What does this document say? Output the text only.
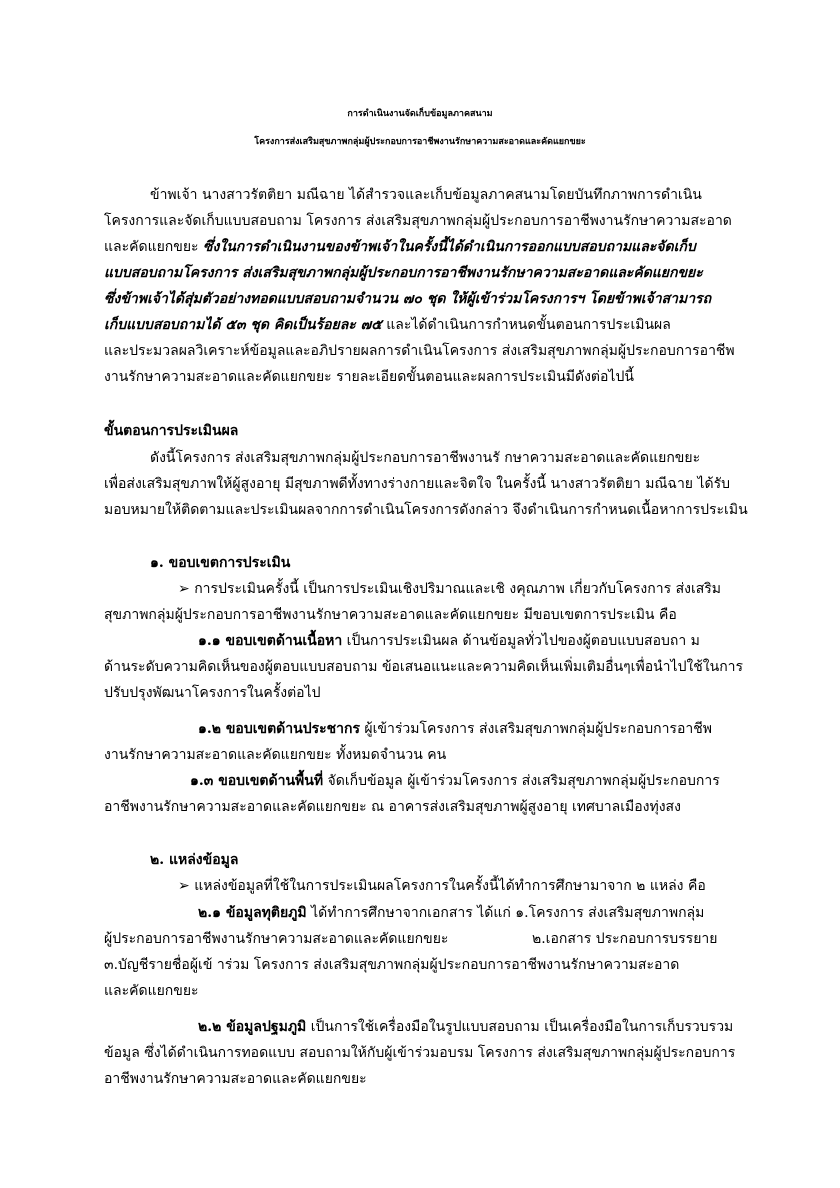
การดำเนินงานจัดเก็บข้อมูลภาคสนาม
โครงการส่งเสริมสุขภาพกลุ่มผู้ประกอบการอาชีพงานรักษาความสะอาดและคัดแยกขยะ
ข้าพเจ้า นางสาวรัตติยา มณีฉาย ได้สำรวจและเก็บข้อมูลภาคสนามโดยบันทึกภาพการดำเนิน
โครงการและจัดเก็บแบบสอบถาม โครงการ ส่งเสริมสุขภาพกลุ่มผู้ประกอบการอาชีพงานรักษาความสะอาด
และคัดแยกขยะ ซึ่งในการดำเนินงานของข้าพเจ้าในครั้งนี้ได้ดำเนินการออกแบบสอบถามและจัดเก็บ
แบบสอบถามโครงการ ส่งเสริมสุขภาพกลุ่มผู้ประกอบการอาชีพงานรักษาความสะอาดและคัดแยกขยะ
ซึ่งข้าพเจ้าได้สุ่มตัวอย่างทอดแบบสอบถามจำนวน ๗๐ ชุด ให้ผู้เข้าร่วมโครงการฯ โดยข้าพเจ้าสามารถ
เก็บแบบสอบถามได้ ๕๓ ชุด คิดเป็นร้อยละ ๗๕ และได้ดำเนินการกำหนดขั้นตอนการประเมินผล
และประมวลผลวิเคราะห์ข้อมูลและอภิปรายผลการดำเนินโครงการ ส่งเสริมสุขภาพกลุ่มผู้ประกอบการอาชีพ
งานรักษาความสะอาดและคัดแยกขยะ รายละเอียดขั้นตอนและผลการประเมินมีดังต่อไปนี้
ขั้นตอนการประเมินผล
ดังนี้โครงการ ส่งเสริมสุขภาพกลุ่มผู้ประกอบการอาชีพงานรั กษาความสะอาดและคัดแยกขยะ
เพื่อส่งเสริมสุขภาพให้ผู้สูงอายุ มีสุขภาพดีทั้งทางร่างกายและจิตใจ ในครั้งนี้ นางสาวรัตติยา มณีฉาย ได้รับ
มอบหมายให้ติดตามและประเมินผลจากการดำเนินโครงการดังกล่าว จึงดำเนินการกำหนดเนื้อหาการประเมิน
๑. ขอบเขตการประเมิน
➢ การประเมินครั้งนี้ เป็นการประเมินเชิงปริมาณและเชิ งคุณภาพ เกี่ยวกับโครงการ ส่งเสริม
สุขภาพกลุ่มผู้ประกอบการอาชีพงานรักษาความสะอาดและคัดแยกขยะ มีขอบเขตการประเมิน คือ
๑.๑ ขอบเขตด้านเนื้อหา เป็นการประเมินผล ด้านข้อมูลทั่วไปของผู้ตอบแบบสอบถา ม
ด้านระดับความคิดเห็นของผู้ตอบแบบสอบถาม ข้อเสนอแนะและความคิดเห็นเพิ่มเติมอื่นๆเพื่อนำไปใช้ในการ
ปรับปรุงพัฒนาโครงการในครั้งต่อไป
๑.๒ ขอบเขตด้านประชากร ผู้เข้าร่วมโครงการ ส่งเสริมสุขภาพกลุ่มผู้ประกอบการอาชีพ
งานรักษาความสะอาดและคัดแยกขยะ ทั้งหมดจำนวน คน
๑.๓ ขอบเขตด้านพื้นที่ จัดเก็บข้อมูล ผู้เข้าร่วมโครงการ ส่งเสริมสุขภาพกลุ่มผู้ประกอบการ
อาชีพงานรักษาความสะอาดและคัดแยกขยะ ณ อาคารส่งเสริมสุขภาพผู้สูงอายุ เทศบาลเมืองทุ่งสง
๒. แหล่งข้อมูล
➢ แหล่งข้อมูลที่ใช้ในการประเมินผลโครงการในครั้งนี้ได้ทำการศึกษามาจาก ๒ แหล่ง คือ
๒.๑ ข้อมูลทุติยภูมิ ได้ทำการศึกษาจากเอกสาร ได้แก่ ๑.โครงการ ส่งเสริมสุขภาพกลุ่ม
ผู้ประกอบการอาชีพงานรักษาความสะอาดและคัดแยกขยะ	๒.เอกสาร ประกอบการบรรยาย
๓.บัญชีรายชื่อผู้เข้ าร่วม โครงการ ส่งเสริมสุขภาพกลุ่มผู้ประกอบการอาชีพงานรักษาความสะอาด
และคัดแยกขยะ
๒.๒ ข้อมูลปฐมภูมิ เป็นการใช้เครื่องมือในรูปแบบสอบถาม เป็นเครื่องมือในการเก็บรวบรวม
ข้อมูล ซึ่งได้ดำเนินการทอดแบบ สอบถามให้กับผู้เข้าร่วมอบรม โครงการ ส่งเสริมสุขภาพกลุ่มผู้ประกอบการ
อาชีพงานรักษาความสะอาดและคัดแยกขยะ
